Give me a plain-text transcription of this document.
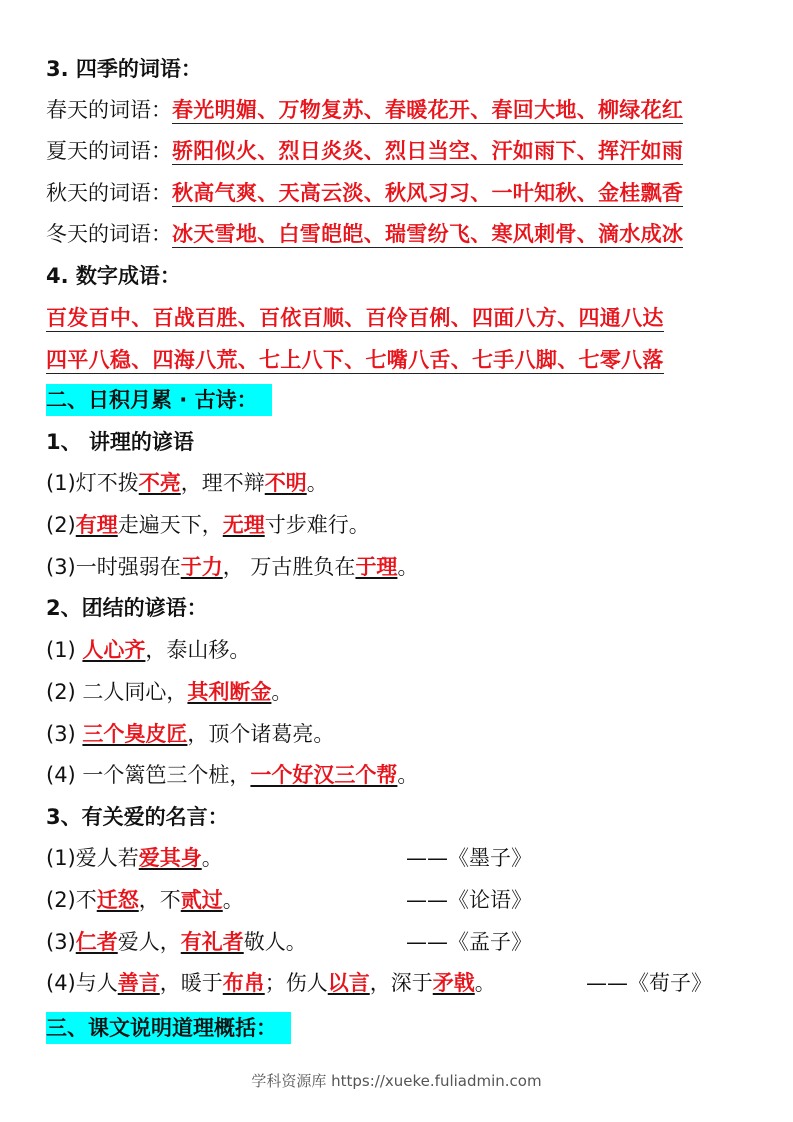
3. 四季的词语：
春天的词语：春光明媚、万物复苏、春暖花开、春回大地、柳绿花红
夏天的词语：骄阳似火、烈日炎炎、烈日当空、汗如雨下、挥汗如雨
秋天的词语：秋高气爽、天高云淡、秋风习习、一叶知秋、金桂飘香
冬天的词语：冰天雪地、白雪皑皑、瑞雪纷飞、寒风刺骨、滴水成冰
4. 数字成语：
百发百中、百战百胜、百依百顺、百伶百俐、四面八方、四通八达
四平八稳、四海八荒、七上八下、七嘴八舌、七手八脚、七零八落
二、日积月累 · 古诗：
1、 讲理的谚语
(1)灯不拨不亮，理不辩不明。
(2)有理走遍天下，无理寸步难行。
(3)一时强弱在于力， 万古胜负在于理。
2、团结的谚语：
(1) 人心齐，泰山移。
(2) 二人同心，其利断金。
(3) 三个臭皮匠，顶个诸葛亮。
(4) 一个篱笆三个桩，一个好汉三个帮。
3、有关爱的名言：
(1)爱人若爱其身。	——《墨子》
(2)不迁怒，不贰过。	——《论语》
(3)仁者爱人，有礼者敬人。	——《孟子》
(4)与人善言，暖于布帛；伤人以言，深于矛戟。	——《荀子》
三、课文说明道理概括：
学科资源库 https://xueke.fuliadmin.com
